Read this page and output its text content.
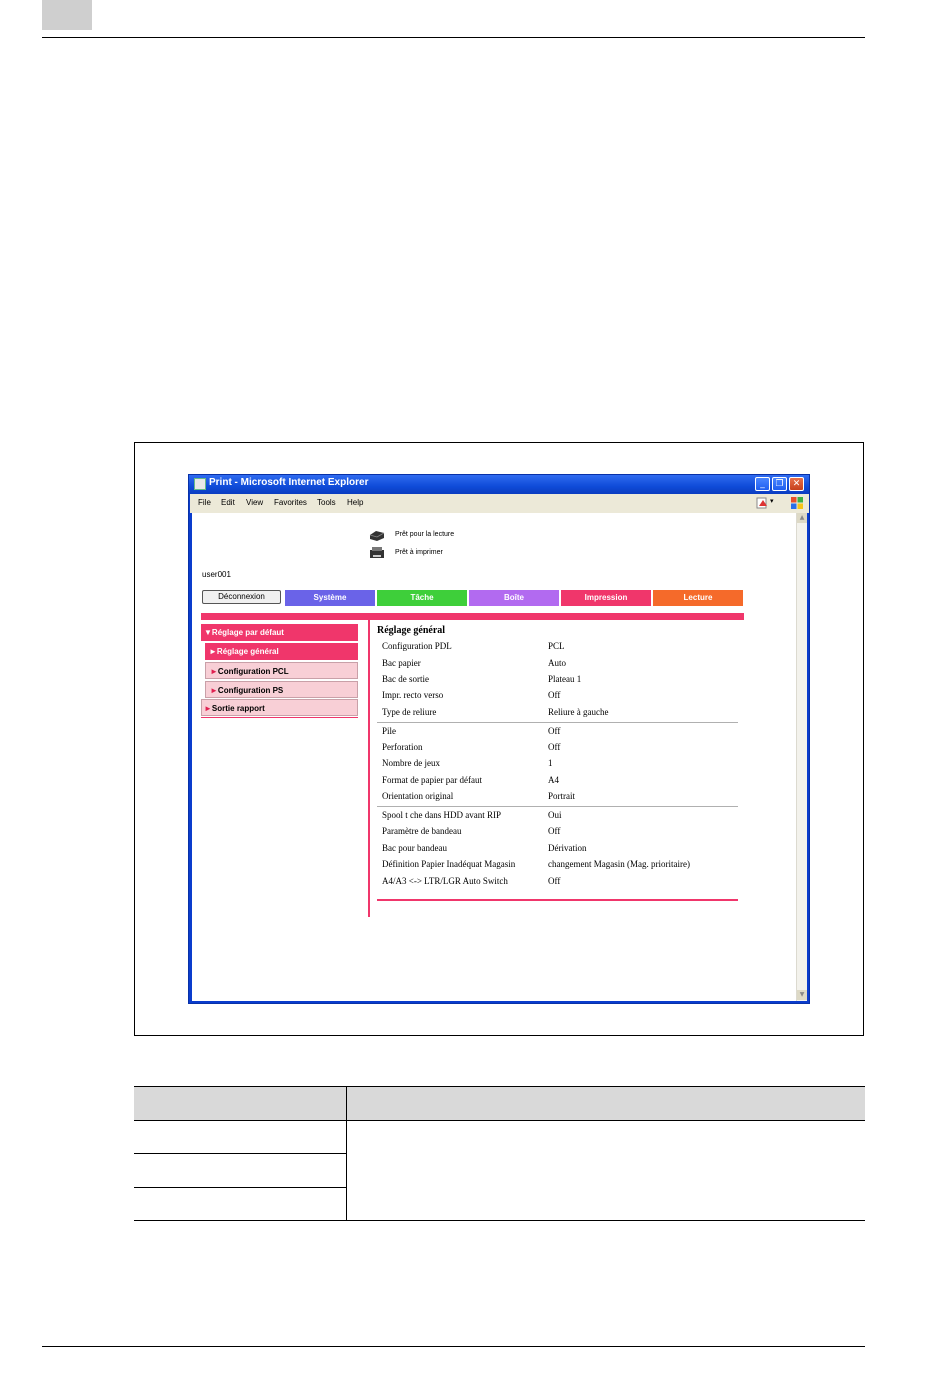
Print - Microsoft Internet Explorer	_	❐	✕
File Edit View Favorites Tools Help	▾
Prêt pour la lecture
Prêt à imprimer
user001
Déconnexion	Système	Tâche	Boîte	Impression	Lecture
▼Réglage par défaut
►Réglage général
►Configuration PCL
►Configuration PS
►Sortie rapport
Réglage général
Configuration PDL	PCL
Bac papier	Auto
Bac de sortie	Plateau 1
Impr. recto verso	Off
Type de reliure	Reliure à gauche
Pile	Off
Perforation	Off
Nombre de jeux	1
Format de papier par défaut	A4
Orientation original	Portrait
Spool t che dans HDD avant RIP	Oui
Paramètre de bandeau	Off
Bac pour bandeau	Dérivation
Définition Papier Inadéquat Magasin	changement Magasin (Mag. prioritaire)
A4/A3 <-> LTR/LGR Auto Switch	Off
▲
▼
